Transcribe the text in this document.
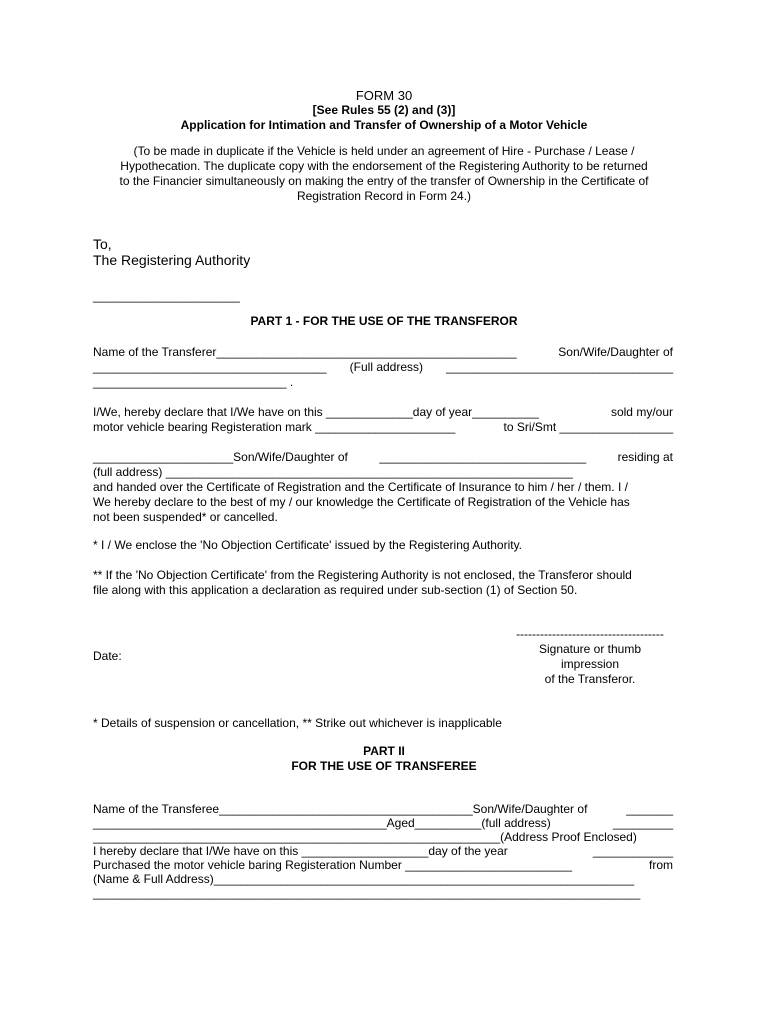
FORM 30
[See Rules 55 (2) and (3)]
Application for Intimation and Transfer of Ownership of a Motor Vehicle
(To be made in duplicate if the Vehicle is held under an agreement of Hire - Purchase / Lease /
Hypothecation. The duplicate copy with the endorsement of the Registering Authority to be returned
to the Financier simultaneously on making the entry of the transfer of Ownership in the Certificate of
Registration Record in Form 24.)
To,
The Registering Authority
______________________
PART 1 - FOR THE USE OF THE TRANSFEROR
Name of the Transferer_____________________________________________	Son/Wife/Daughter of
___________________________________ (Full address) __________________________________
_____________________________ .
I/We, hereby declare that I/We have on this _____________day of year__________	sold my/our
motor vehicle bearing Registeration mark _____________________	to Sri/Smt _________________
_____________________Son/Wife/Daughter of	_______________________________	residing at
(full address) _____________________________________________________________
and handed over the Certificate of Registration and the Certificate of Insurance to him / her / them. I /
We hereby declare to the best of my / our knowledge the Certificate of Registration of the Vehicle has
not been suspended* or cancelled.
* I / We enclose the 'No Objection Certificate' issued by the Registering Authority.
** If the 'No Objection Certificate' from the Registering Authority is not enclosed, the Transferor should
file along with this application a declaration as required under sub-section (1) of Section 50.
-------------------------------------
Signature or thumb
impression
of the Transferor.
Date:
* Details of suspension or cancellation, ** Strike out whichever is inapplicable
PART II
FOR THE USE OF TRANSFEREE
Name of the Transferee______________________________________Son/Wife/Daughter of	_______
____________________________________________Aged__________(full address)	_________
_____________________________________________________________(Address Proof Enclosed)
I hereby declare that I/We have on this ___________________day of the year	____________
Purchased the motor vehicle baring Registeration Number _________________________	from
(Name & Full Address)_______________________________________________________________
__________________________________________________________________________________
